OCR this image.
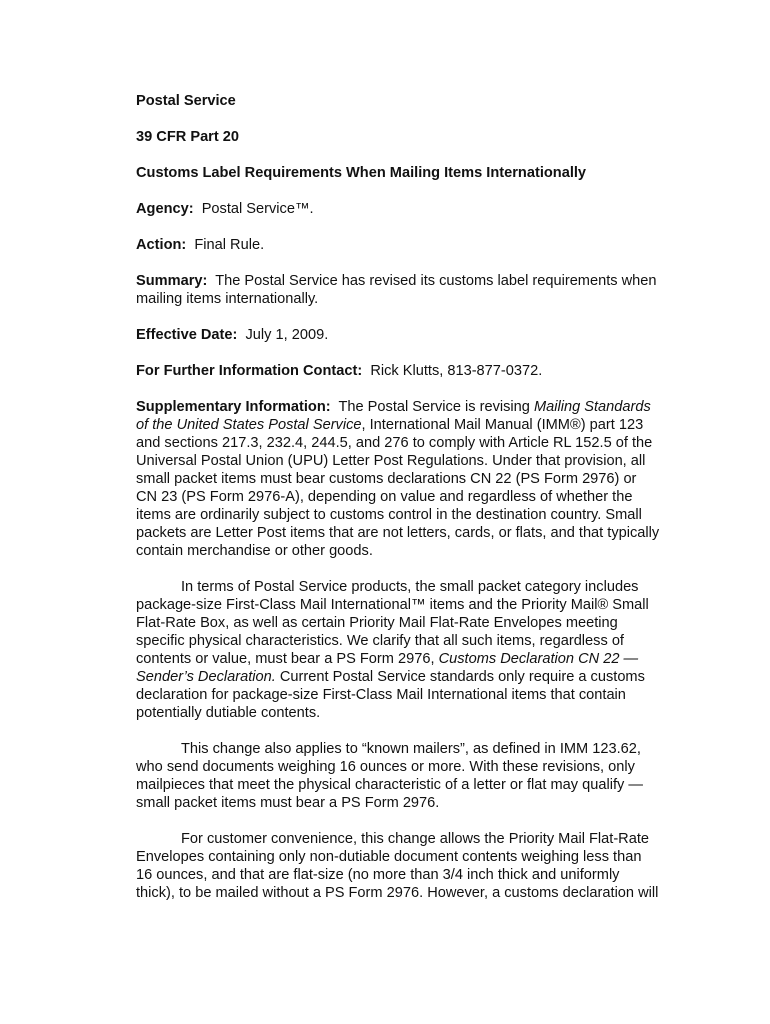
Postal Service

39 CFR Part 20

Customs Label Requirements When Mailing Items Internationally

Agency: Postal Service™.

Action: Final Rule.

Summary: The Postal Service has revised its customs label requirements when

mailing items internationally.

Effective Date: July 1, 2009.

For Further Information Contact: Rick Klutts, 813-877-0372.

Supplementary Information: The Postal Service is revising Mailing Standards

of the United States Postal Service, International Mail Manual (IMM®) part 123

and sections 217.3, 232.4, 244.5, and 276 to comply with Article RL 152.5 of the

Universal Postal Union (UPU) Letter Post Regulations. Under that provision, all

small packet items must bear customs declarations CN 22 (PS Form 2976) or

CN 23 (PS Form 2976-A), depending on value and regardless of whether the

items are ordinarily subject to customs control in the destination country. Small

packets are Letter Post items that are not letters, cards, or flats, and that typically

contain merchandise or other goods.

In terms of Postal Service products, the small packet category includes

package-size First-Class Mail International™ items and the Priority Mail® Small

Flat-Rate Box, as well as certain Priority Mail Flat-Rate Envelopes meeting

specific physical characteristics. We clarify that all such items, regardless of

contents or value, must bear a PS Form 2976, Customs Declaration CN 22 —

Sender’s Declaration. Current Postal Service standards only require a customs

declaration for package-size First-Class Mail International items that contain

potentially dutiable contents.

This change also applies to “known mailers”, as defined in IMM 123.62,

who send documents weighing 16 ounces or more. With these revisions, only

mailpieces that meet the physical characteristic of a letter or flat may qualify —

small packet items must bear a PS Form 2976.

For customer convenience, this change allows the Priority Mail Flat-Rate

Envelopes containing only non-dutiable document contents weighing less than

16 ounces, and that are flat-size (no more than 3/4 inch thick and uniformly

thick), to be mailed without a PS Form 2976. However, a customs declaration will
